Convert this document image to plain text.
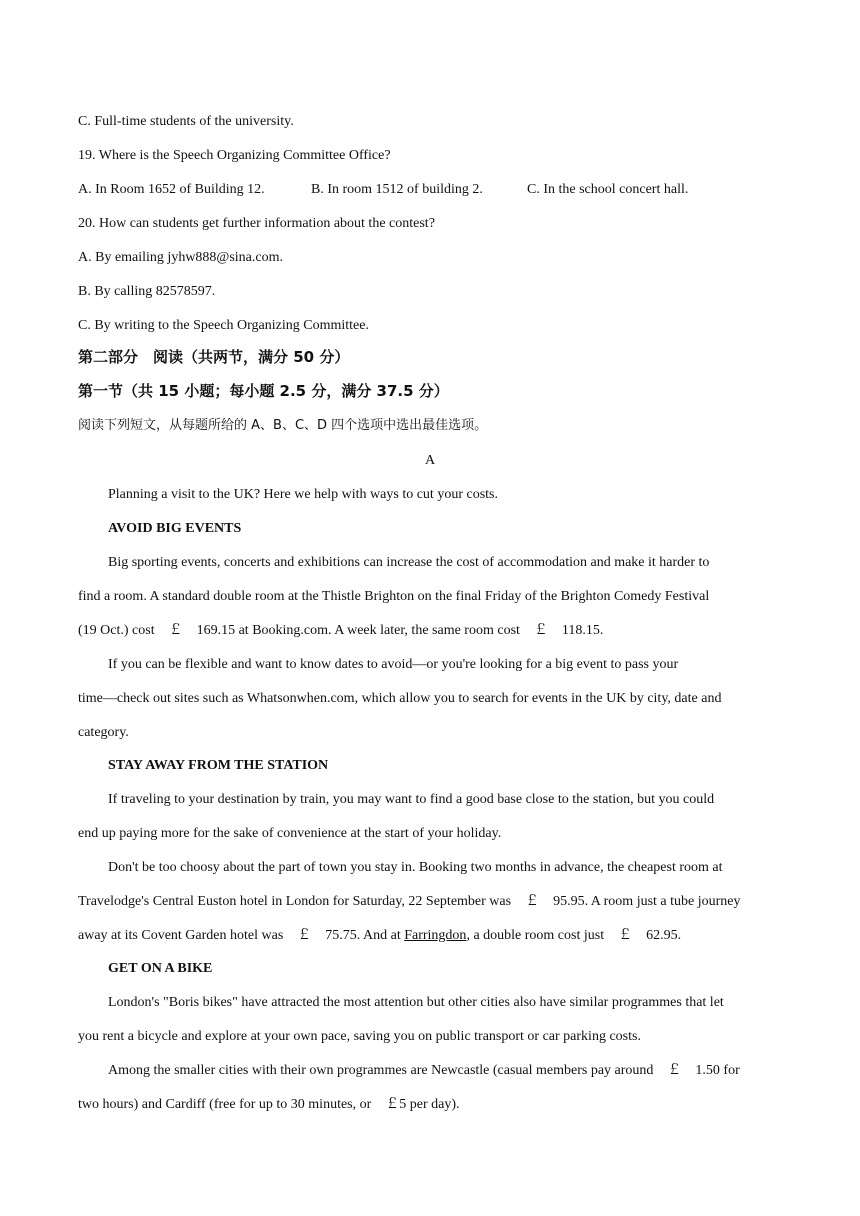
C. Full-time students of the university.
19. Where is the Speech Organizing Committee Office?
A. In Room 1652 of Building 12.	B. In room 1512 of building 2.	C. In the school concert hall.
20. How can students get further information about the contest?
A. By emailing jyhw888@sina.com.
B. By calling 82578597.
C. By writing to the Speech Organizing Committee.
第二部分　阅读（共两节，满分 50 分）
第一节（共 15 小题；每小题 2.5 分，满分 37.5 分）
阅读下列短文，从每题所给的 A、B、C、D 四个选项中选出最佳选项。
A
Planning a visit to the UK? Here we help with ways to cut your costs.
AVOID BIG EVENTS
Big sporting events, concerts and exhibitions can increase the cost of accommodation and make it harder to
find a room. A standard double room at the Thistle Brighton on the final Friday of the Brighton Comedy Festival
(19 Oct.) cost　￡　169.15 at Booking.com. A week later, the same room cost　￡　118.15.
If you can be flexible and want to know dates to avoid—or you're looking for a big event to pass your
time—check out sites such as Whatsonwhen.com, which allow you to search for events in the UK by city, date and
category.
STAY AWAY FROM THE STATION
If traveling to your destination by train, you may want to find a good base close to the station, but you could
end up paying more for the sake of convenience at the start of your holiday.
Don't be too choosy about the part of town you stay in. Booking two months in advance, the cheapest room at
Travelodge's Central Euston hotel in London for Saturday, 22 September was　￡　95.95. A room just a tube journey
away at its Covent Garden hotel was　￡　75.75. And at Farringdon, a double room cost just　￡　62.95.
GET ON A BIKE
London's "Boris bikes" have attracted the most attention but other cities also have similar programmes that let
you rent a bicycle and explore at your own pace, saving you on public transport or car parking costs.
Among the smaller cities with their own programmes are Newcastle (casual members pay around　￡　1.50 for
two hours) and Cardiff (free for up to 30 minutes, or　￡5 per day).
